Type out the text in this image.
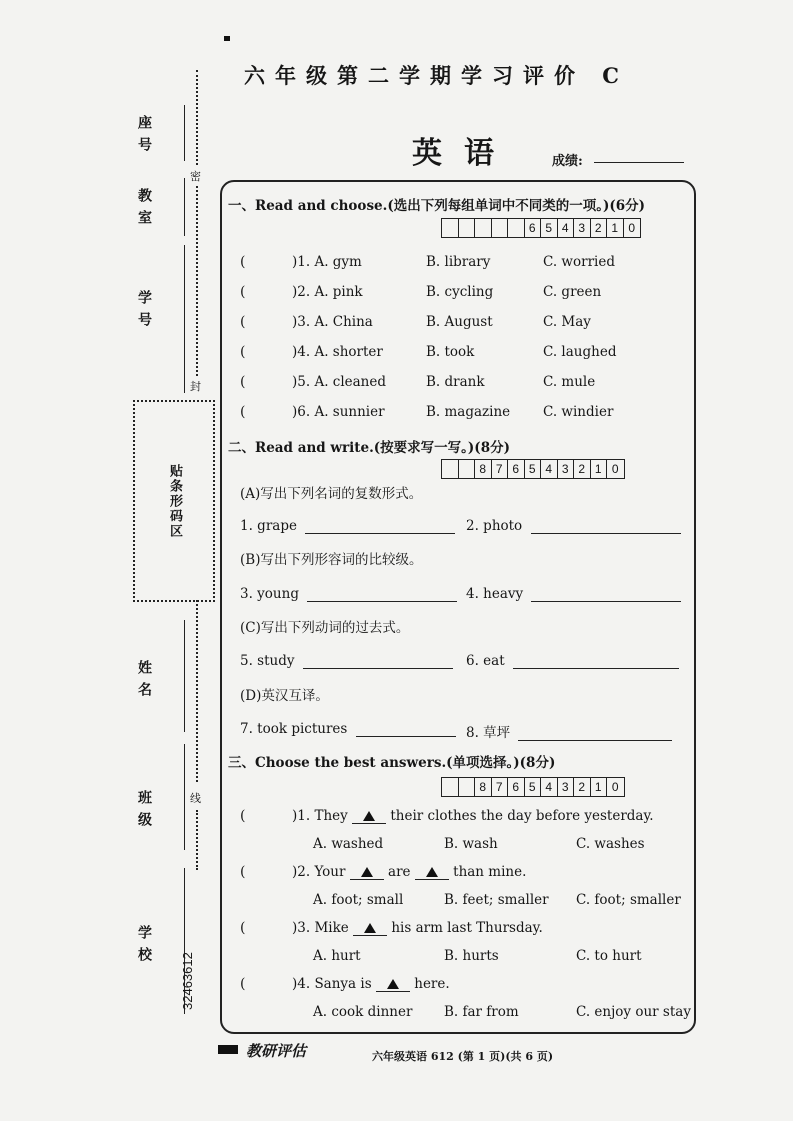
六年级第二学期学习评价 C
英语	成绩:
座号
教室
学号
姓名
班级
学校
32463612
密
封
线
贴条形码区
一、Read and choose.(选出下列每组单词中不同类的一项。)(6分)
6 5 4 3 2 1 0
(	)1. A. gym	B. library	C. worried
(	)2. A. pink	B. cycling	C. green
(	)3. A. China	B. August	C. May
(	)4. A. shorter	B. took	C. laughed
(	)5. A. cleaned	B. drank	C. mule
(	)6. A. sunnier	B. magazine C. windier
二、Read and write.(按要求写一写。)(8分)
8 7 6 5 4 3 2 1 0
(A)写出下列名词的复数形式。
1. grape	2. photo
(B)写出下列形容词的比较级。
3. young	4. heavy
(C)写出下列动词的过去式。
5. study	6. eat
(D)英汉互译。
7. took pictures	8. 草坪
三、Choose the best answers.(单项选择。)(8分)
8 7 6 5 4 3 2 1 0
(	)1. They	their clothes the day before yesterday.
A. washed	B. wash	C. washes
(	)2. Your	are	than mine.
A. foot; small	B. feet; smaller C. foot; smaller
(	)3. Mike	his arm last Thursday.
A. hurt	B. hurts	C. to hurt
(	)4. Sanya is	here.
A. cook dinner B. far from	C. enjoy our stay
教研评估	六年级英语 612 (第 1 页)(共 6 页)
